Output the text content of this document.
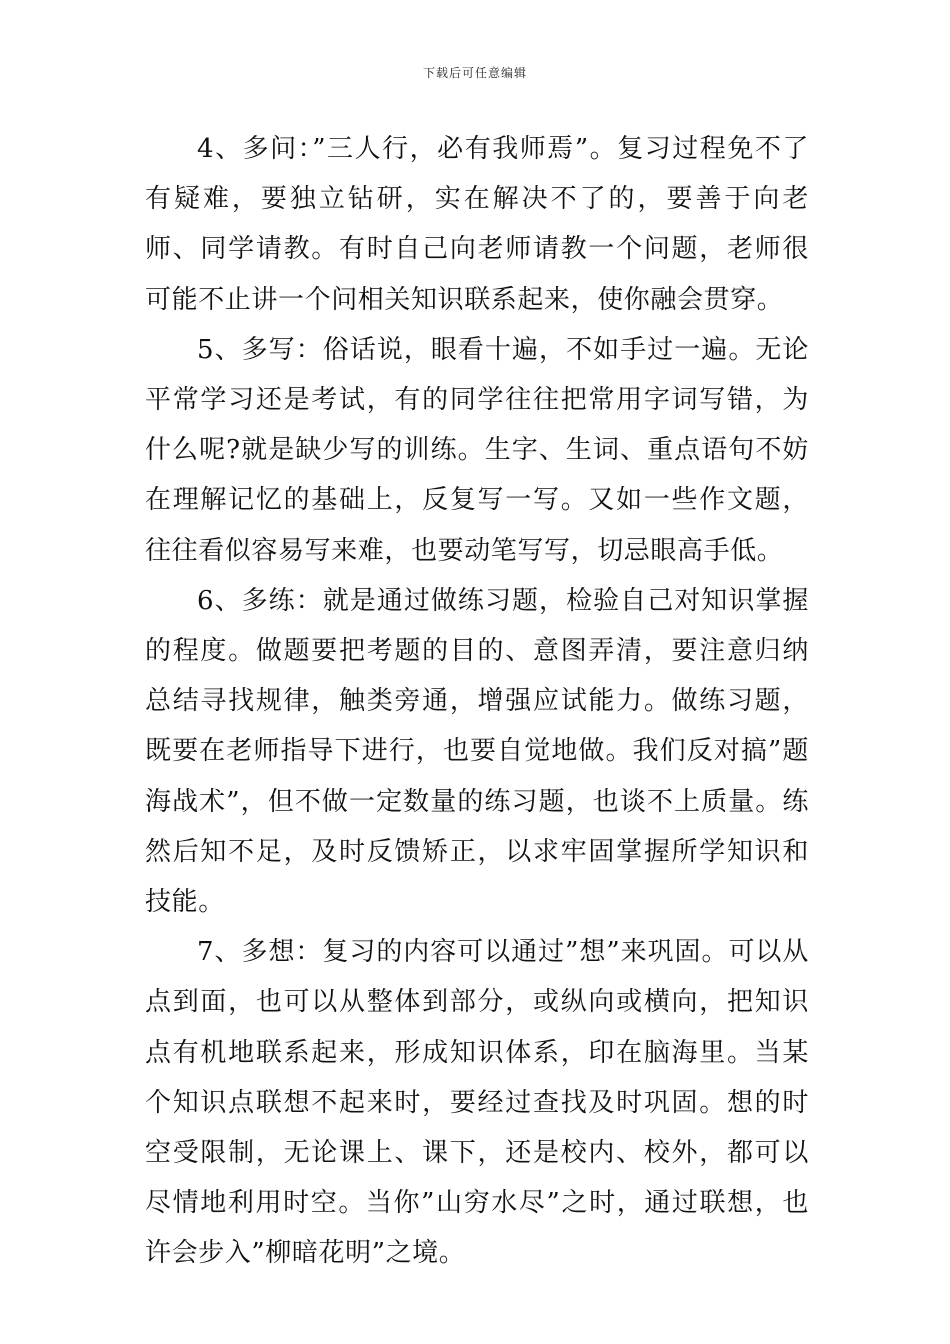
下载后可任意编辑

4、多问：”三人行，必有我师焉”。复习过程免不了有疑难，要独立钻研，实在解决不了的，要善于向老师、同学请教。有时自己向老师请教一个问题，老师很可能不止讲一个问相关知识联系起来，使你融会贯穿。

5、多写：俗话说，眼看十遍，不如手过一遍。无论平常学习还是考试，有的同学往往把常用字词写错，为什么呢?就是缺少写的训练。生字、生词、重点语句不妨在理解记忆的基础上，反复写一写。又如一些作文题，往往看似容易写来难，也要动笔写写，切忌眼高手低。

6、多练：就是通过做练习题，检验自己对知识掌握的程度。做题要把考题的目的、意图弄清，要注意归纳总结寻找规律，触类旁通，增强应试能力。做练习题，既要在老师指导下进行，也要自觉地做。我们反对搞”题海战术”，但不做一定数量的练习题，也谈不上质量。练然后知不足，及时反馈矫正，以求牢固掌握所学知识和技能。

7、多想：复习的内容可以通过”想”来巩固。可以从点到面，也可以从整体到部分，或纵向或横向，把知识点有机地联系起来，形成知识体系，印在脑海里。当某个知识点联想不起来时，要经过查找及时巩固。想的时空受限制，无论课上、课下，还是校内、校外，都可以尽情地利用时空。当你”山穷水尽”之时，通过联想，也许会步入”柳暗花明”之境。
